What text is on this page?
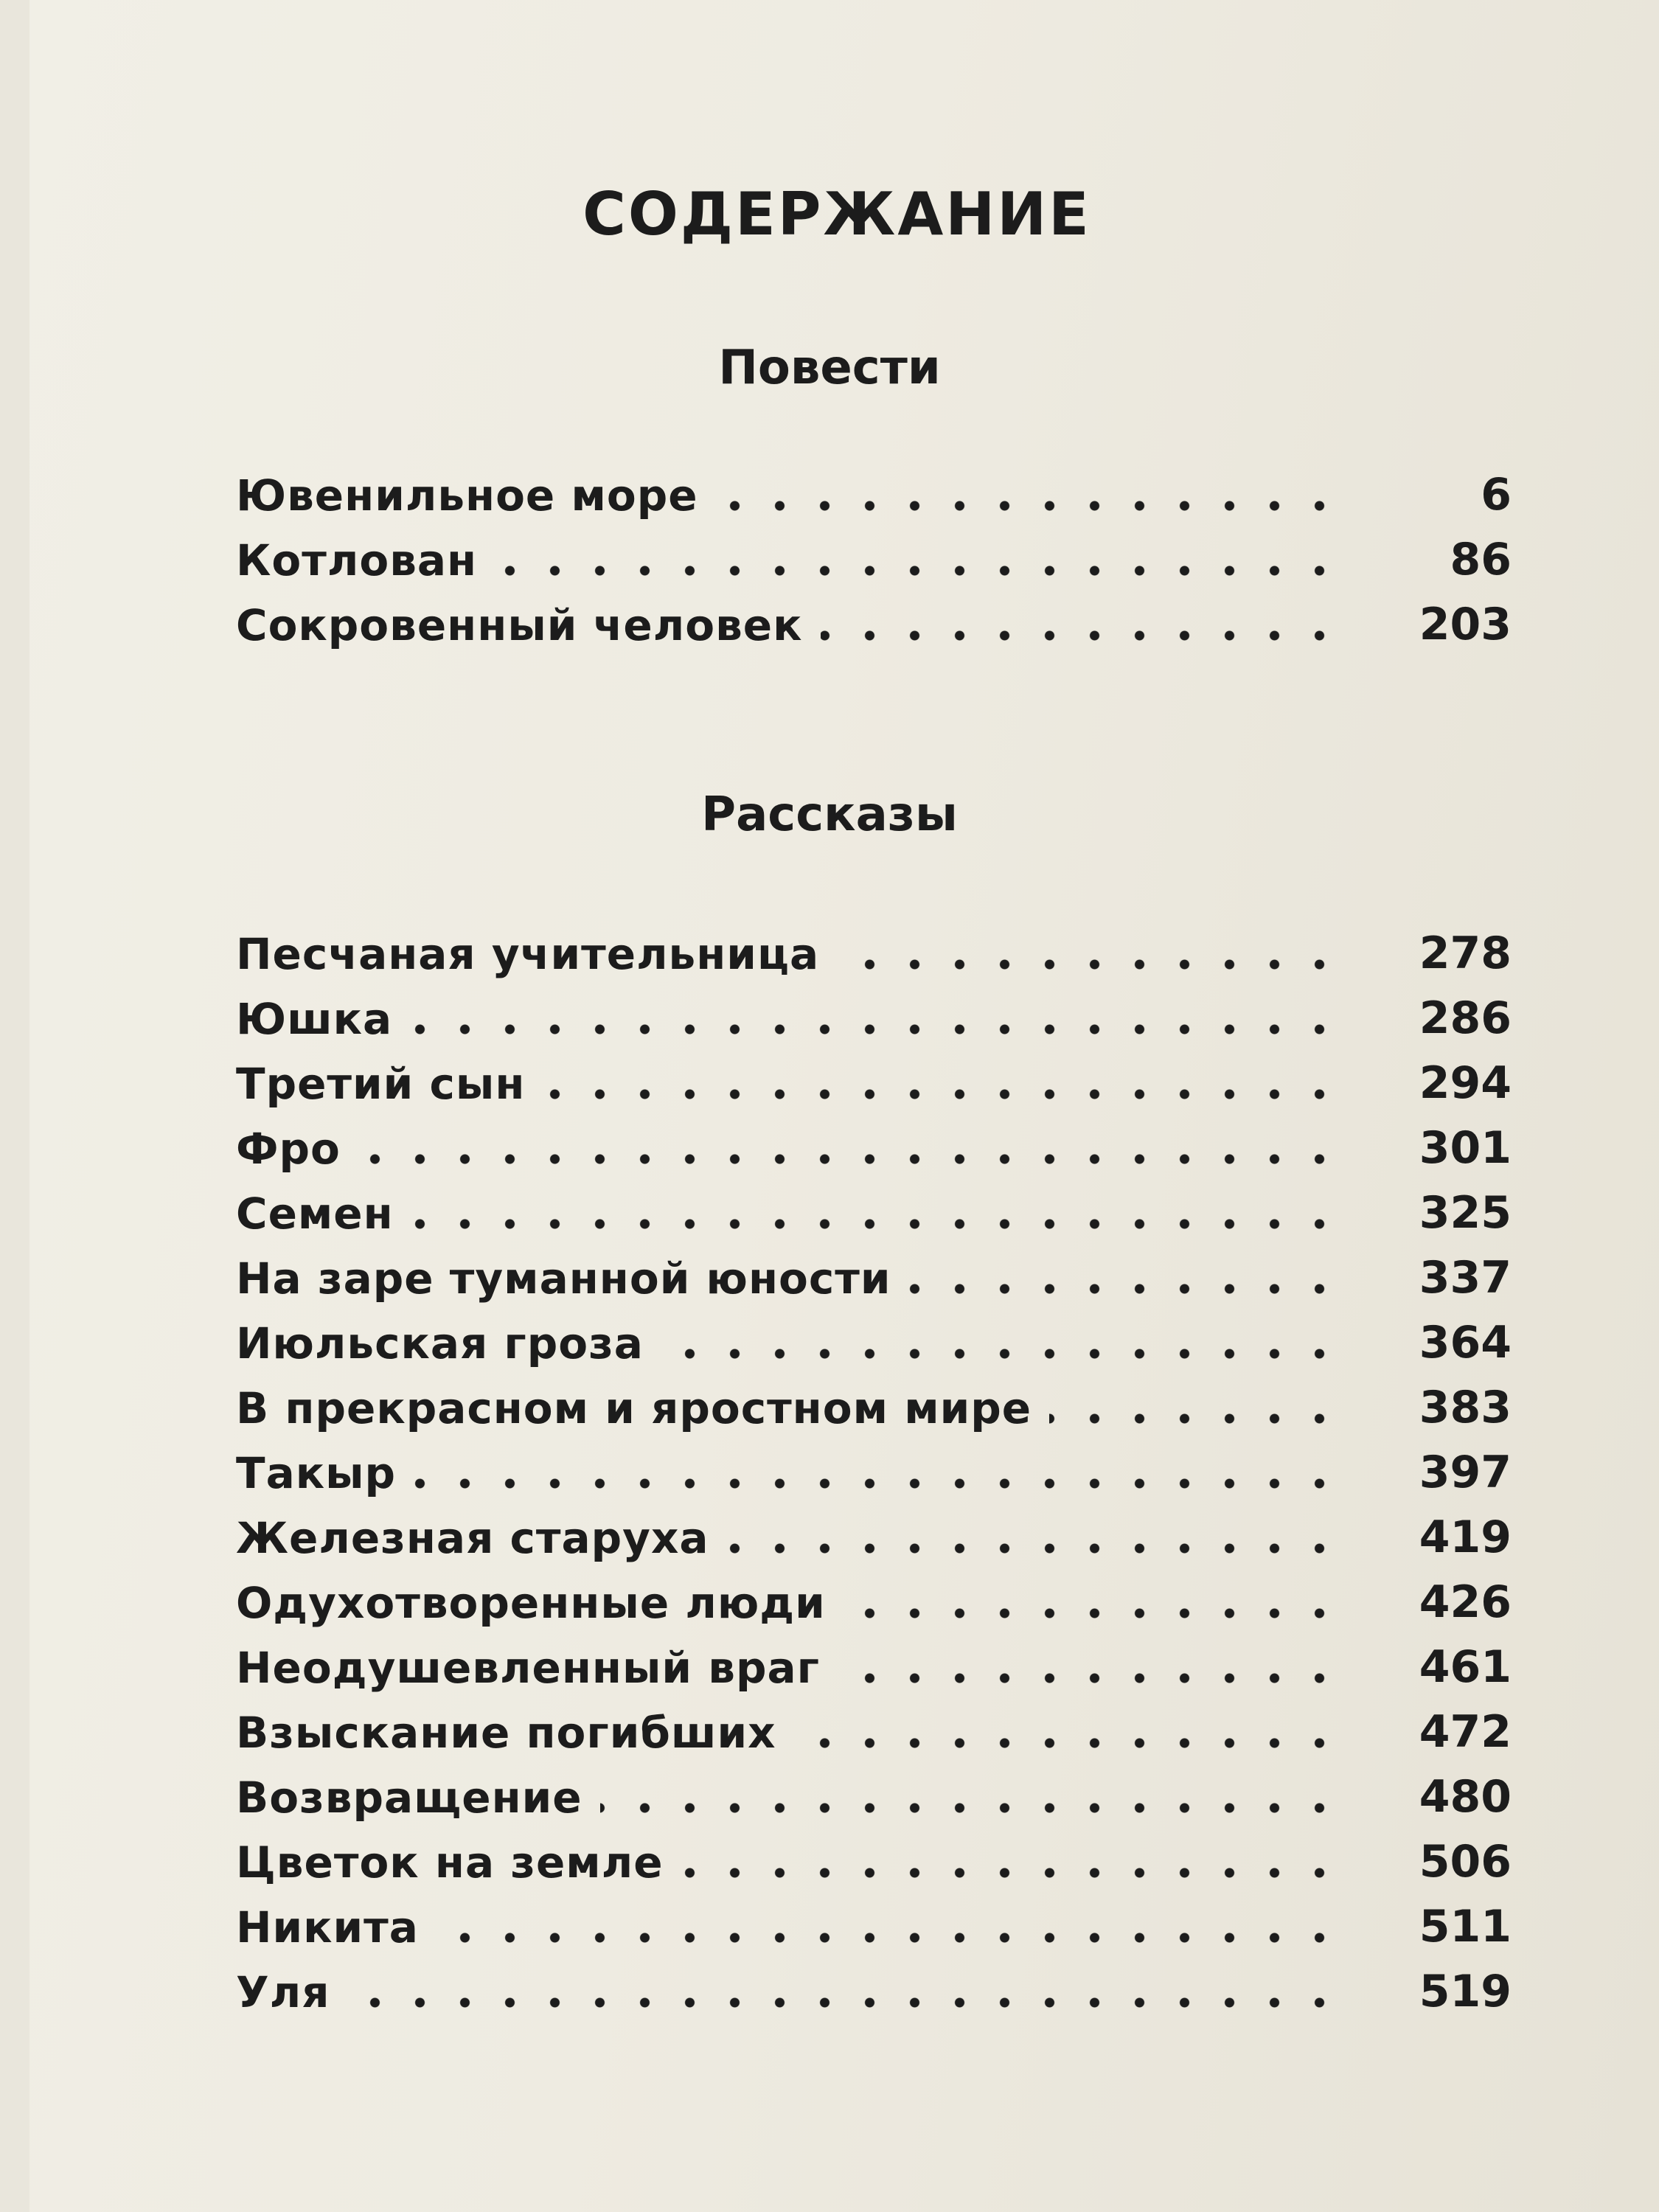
СОДЕРЖАНИЕ
Повести
Ювенильное море	6
Котлован	86
Сокровенный человек	203
Рассказы
Песчаная учительница	278
Юшка	286
Третий сын	294
Фро	301
Семен	325
На заре туманной юности	337
Июльская гроза	364
В прекрасном и яростном мире	383
Такыр	397
Железная старуха	419
Одухотворенные люди	426
Неодушевленный враг	461
Взыскание погибших	472
Возвращение	480
Цветок на земле	506
Никита	511
Уля	519
